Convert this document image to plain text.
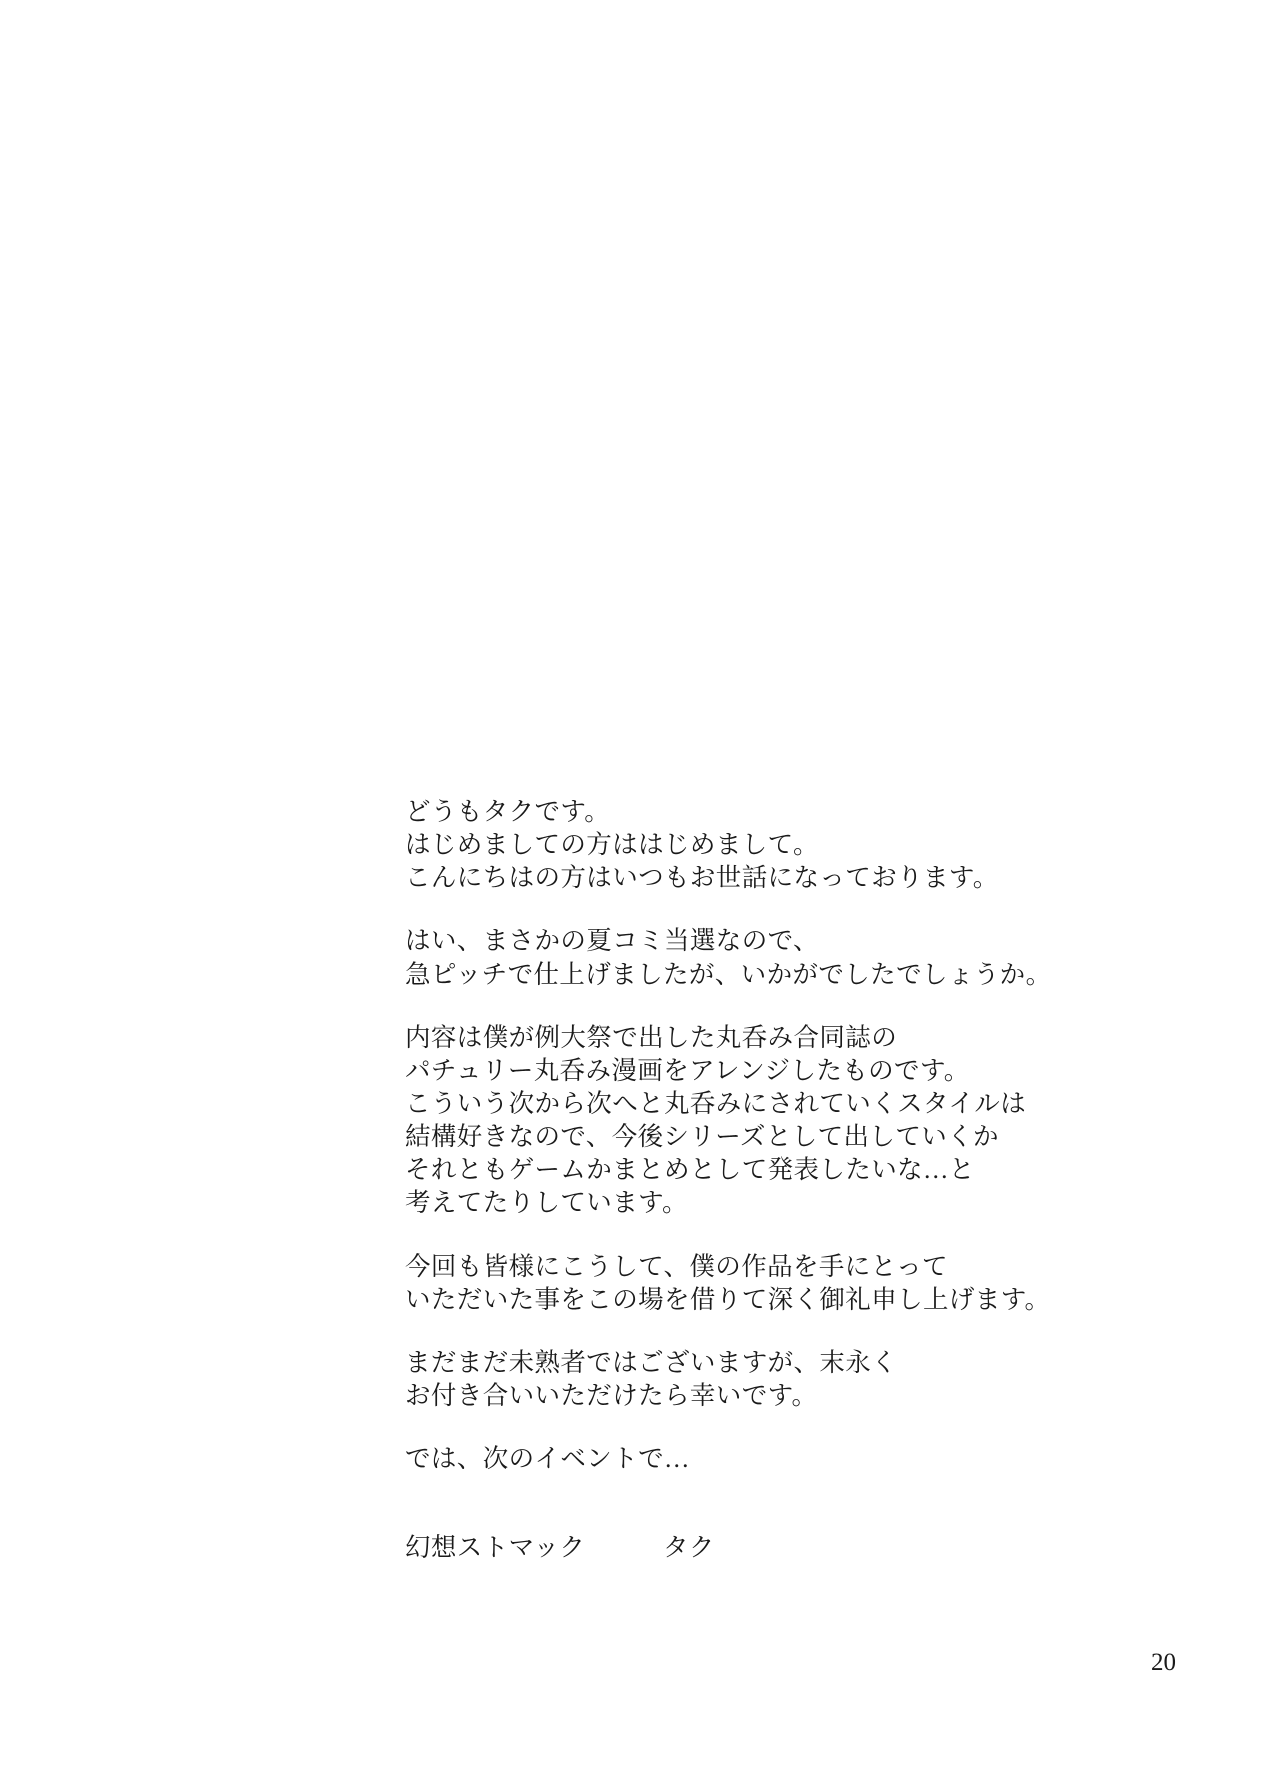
どうもタクです。
はじめましての方ははじめまして。
こんにちはの方はいつもお世話になっております。
はい、まさかの夏コミ当選なので、
急ピッチで仕上げましたが、いかがでしたでしょうか。
内容は僕が例大祭で出した丸呑み合同誌の
パチュリー丸呑み漫画をアレンジしたものです。
こういう次から次へと丸呑みにされていくスタイルは
結構好きなので、今後シリーズとして出していくか
それともゲームかまとめとして発表したいな…と
考えてたりしています。
今回も皆様にこうして、僕の作品を手にとって
いただいた事をこの場を借りて深く御礼申し上げます。
まだまだ未熟者ではございますが、末永く
お付き合いいただけたら幸いです。
では、次のイベントで…
幻想ストマック　　　タク
20
